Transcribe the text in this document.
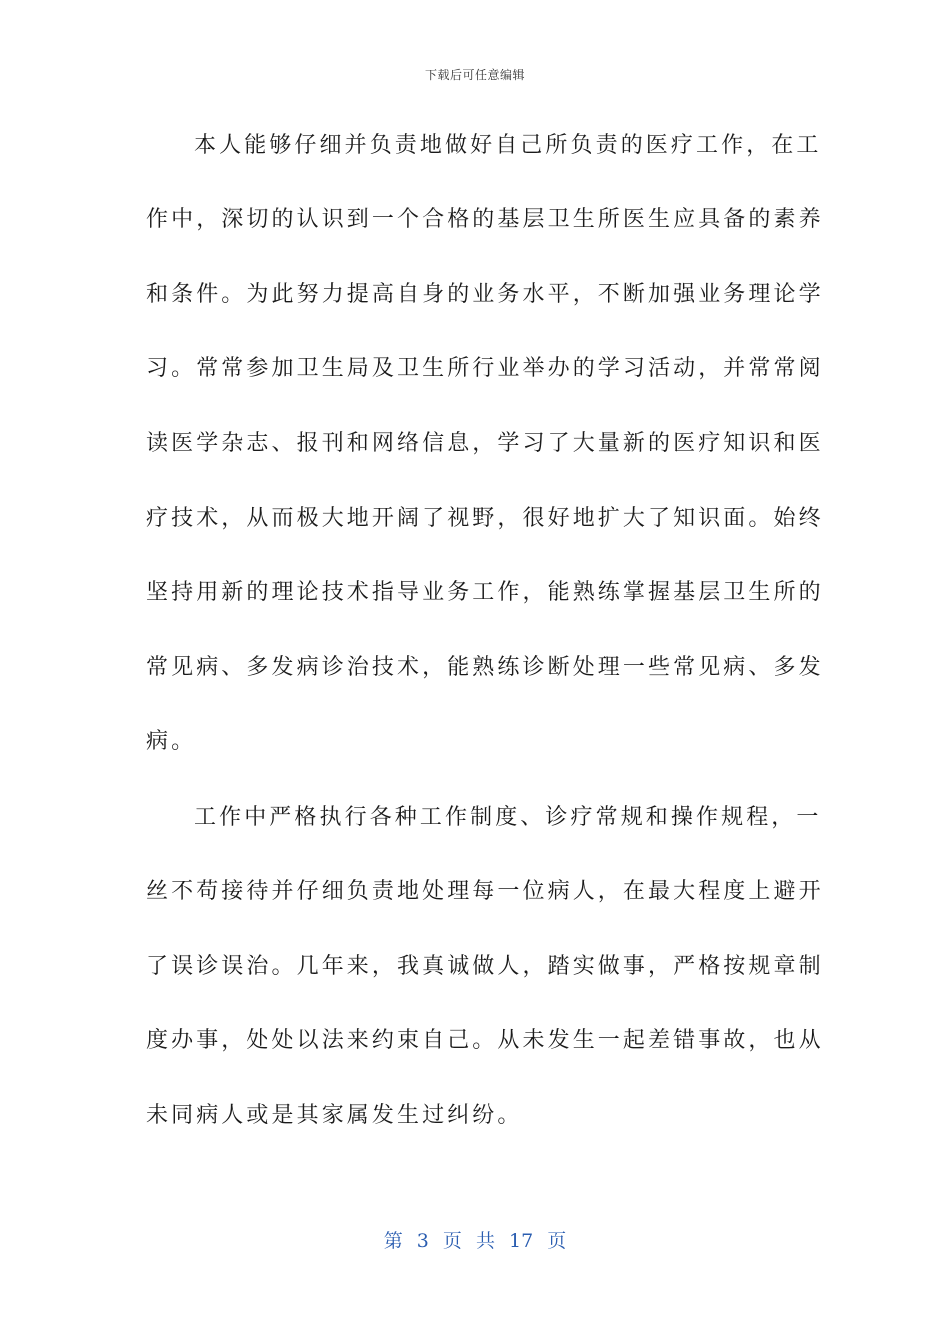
下载后可任意编辑
本人能够仔细并负责地做好自己所负责的医疗工作，在工
作中，深切的认识到一个合格的基层卫生所医生应具备的素养
和条件。为此努力提高自身的业务水平，不断加强业务理论学
习。常常参加卫生局及卫生所行业举办的学习活动，并常常阅
读医学杂志、报刊和网络信息，学习了大量新的医疗知识和医
疗技术，从而极大地开阔了视野，很好地扩大了知识面。始终
坚持用新的理论技术指导业务工作，能熟练掌握基层卫生所的
常见病、多发病诊治技术，能熟练诊断处理一些常见病、多发
病。
工作中严格执行各种工作制度、诊疗常规和操作规程，一
丝不苟接待并仔细负责地处理每一位病人，在最大程度上避开
了误诊误治。几年来，我真诚做人，踏实做事，严格按规章制
度办事，处处以法来约束自己。从未发生一起差错事故，也从
未同病人或是其家属发生过纠纷。
第 3 页 共 17 页
